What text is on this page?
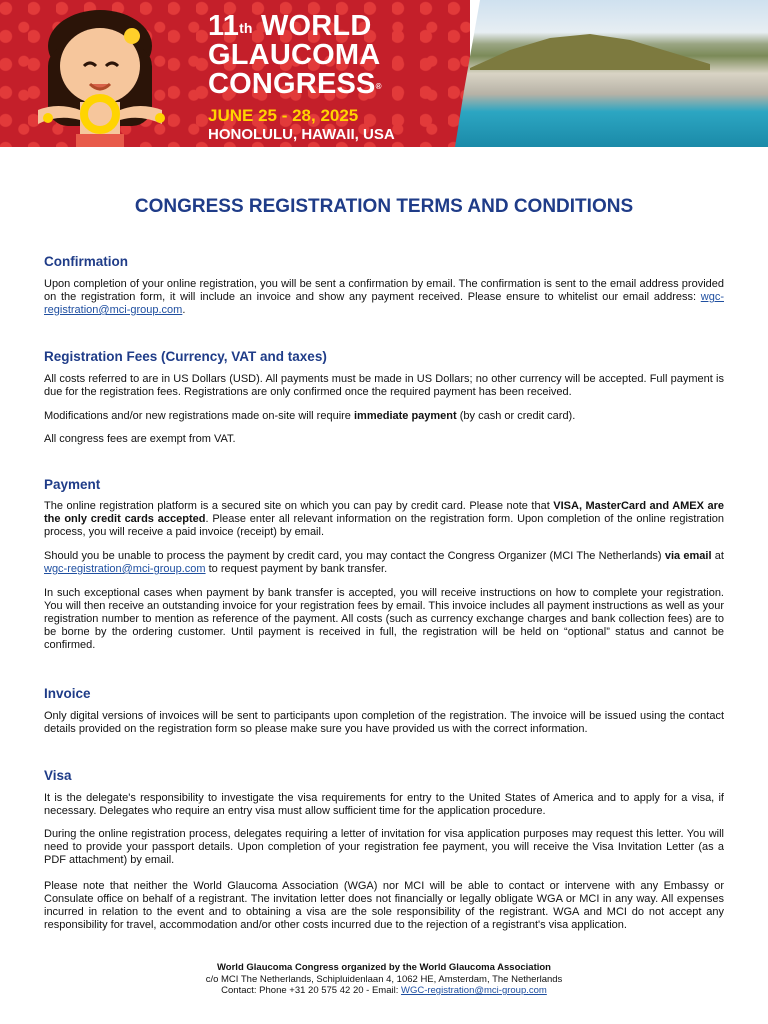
11th WORLD
GLAUCOMA
CONGRESS®
JUNE 25 - 28, 2025
HONOLULU, HAWAII, USA
CONGRESS REGISTRATION TERMS AND CONDITIONS
Confirmation

Upon completion of your online registration, you will be sent a confirmation by email. The confirmation is sent to the email address provided on the registration form, it will include an invoice and show any payment received. Please ensure to whitelist our email address: wgc-registration@mci-group.com.

Registration Fees (Currency, VAT and taxes)

All costs referred to are in US Dollars (USD). All payments must be made in US Dollars; no other currency will be accepted. Full payment is due for the registration fees. Registrations are only confirmed once the required payment has been received.

Modifications and/or new registrations made on-site will require immediate payment (by cash or credit card).

All congress fees are exempt from VAT.

Payment

The online registration platform is a secured site on which you can pay by credit card. Please note that VISA, MasterCard and AMEX are the only credit cards accepted. Please enter all relevant information on the registration form. Upon completion of the online registration process, you will receive a paid invoice (receipt) by email.

Should you be unable to process the payment by credit card, you may contact the Congress Organizer (MCI The Netherlands) via email at wgc-registration@mci-group.com to request payment by bank transfer.

In such exceptional cases when payment by bank transfer is accepted, you will receive instructions on how to complete your registration. You will then receive an outstanding invoice for your registration fees by email. This invoice includes all payment instructions as well as your registration number to mention as reference of the payment. All costs (such as currency exchange charges and bank collection fees) are to be borne by the ordering customer. Until payment is received in full, the registration will be held on “optional” status and cannot be confirmed.

Invoice

Only digital versions of invoices will be sent to participants upon completion of the registration. The invoice will be issued using the contact details provided on the registration form so please make sure you have provided us with the correct information.

Visa

It is the delegate's responsibility to investigate the visa requirements for entry to the United States of America and to apply for a visa, if necessary. Delegates who require an entry visa must allow sufficient time for the application procedure.

During the online registration process, delegates requiring a letter of invitation for visa application purposes may request this letter. You will need to provide your passport details. Upon completion of your registration fee payment, you will receive the Visa Invitation Letter (as a PDF attachment) by email.

Please note that neither the World Glaucoma Association (WGA) nor MCI will be able to contact or intervene with any Embassy or Consulate office on behalf of a registrant. The invitation letter does not financially or legally obligate WGA or MCI in any way. All expenses incurred in relation to the event and to obtaining a visa are the sole responsibility of the registrant. WGA and MCI do not accept any responsibility for travel, accommodation and/or other costs incurred due to the rejection of a registrant's visa application.

World Glaucoma Congress organized by the World Glaucoma Association
c/o MCI The Netherlands, Schipluidenlaan 4, 1062 HE, Amsterdam, The Netherlands
Contact: Phone +31 20 575 42 20 - Email: WGC-registration@mci-group.com
